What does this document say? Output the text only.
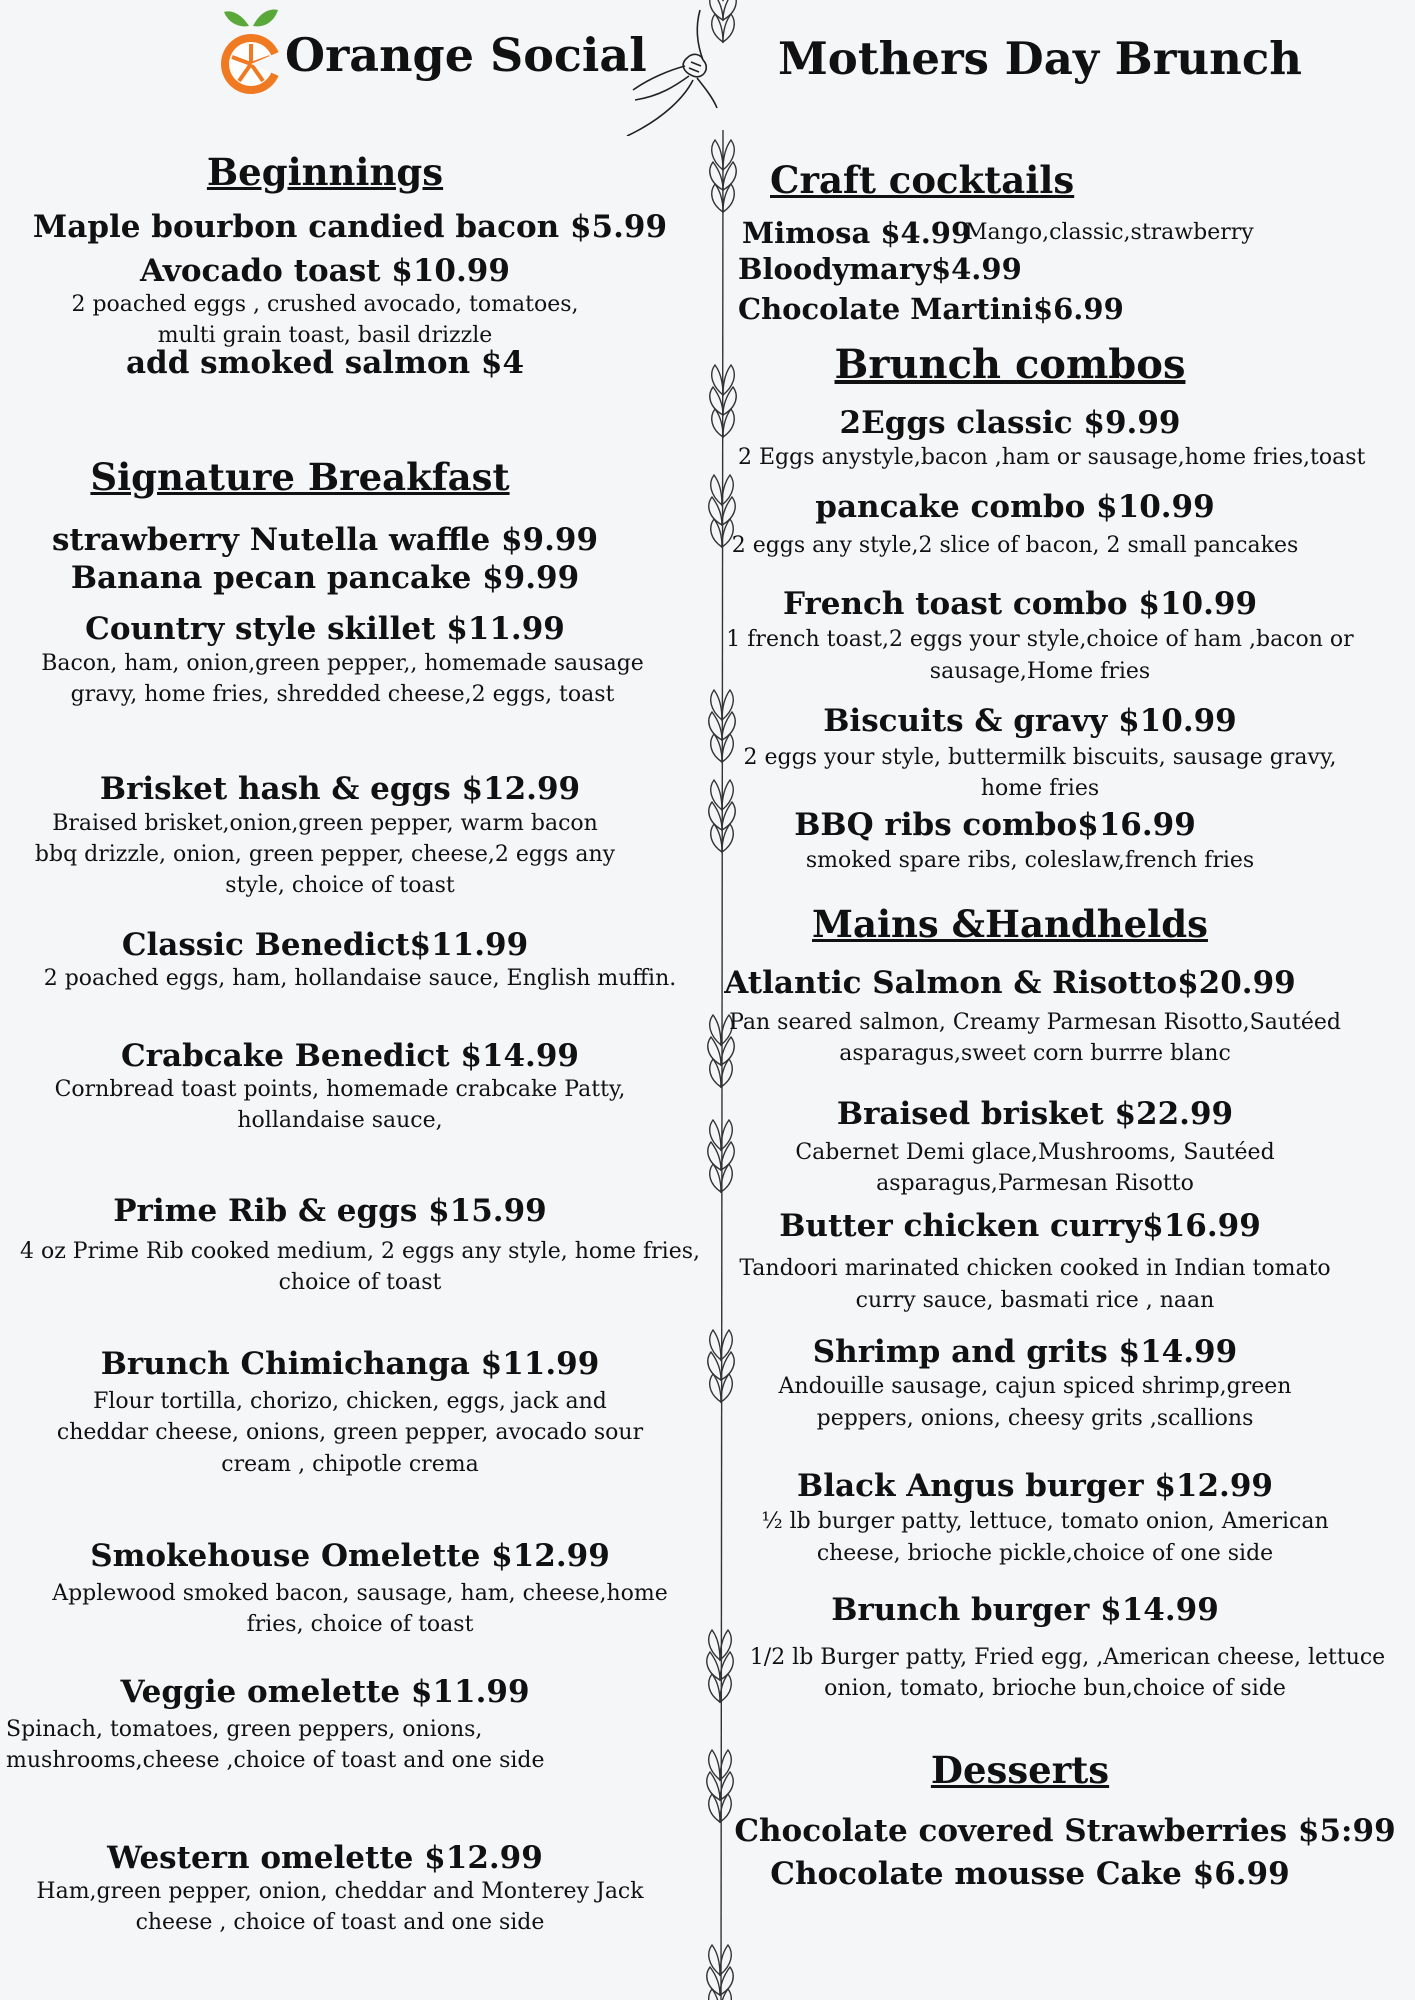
Orange Social	Mothers Day Brunch
Beginnings
Maple bourbon candied bacon $5.99
Avocado toast $10.99
2 poached eggs , crushed avocado, tomatoes,
multi grain toast, basil drizzle
add smoked salmon $4
Signature Breakfast
strawberry Nutella waffle $9.99
Banana pecan pancake $9.99
Country style skillet $11.99
Bacon, ham, onion,green pepper,, homemade sausage
gravy, home fries, shredded cheese,2 eggs, toast
Brisket hash & eggs $12.99
Braised brisket,onion,green pepper, warm bacon
bbq drizzle, onion, green pepper, cheese,2 eggs any
style, choice of toast
Classic Benedict$11.99
2 poached eggs, ham, hollandaise sauce, English muffin.
Crabcake Benedict $14.99
Cornbread toast points, homemade crabcake Patty,
hollandaise sauce,
Prime Rib & eggs $15.99
4 oz Prime Rib cooked medium, 2 eggs any style, home fries,
choice of toast
Brunch Chimichanga $11.99
Flour tortilla, chorizo, chicken, eggs, jack and
cheddar cheese, onions, green pepper, avocado sour
cream , chipotle crema
Smokehouse Omelette $12.99
Applewood smoked bacon, sausage, ham, cheese,home
fries, choice of toast
Veggie omelette $11.99
Spinach, tomatoes, green peppers, onions,
mushrooms,cheese ,choice of toast and one side
Western omelette $12.99
Ham,green pepper, onion, cheddar and Monterey Jack
cheese , choice of toast and one side
Craft cocktails
Mimosa $4.99
Mango,classic,strawberry
Bloodymary$4.99
Chocolate Martini$6.99
Brunch combos
2Eggs classic $9.99
2 Eggs anystyle,bacon ,ham or sausage,home fries,toast
pancake combo $10.99
2 eggs any style,2 slice of bacon, 2 small pancakes
French toast combo $10.99
1 french toast,2 eggs your style,choice of ham ,bacon or
sausage,Home fries
Biscuits & gravy $10.99
2 eggs your style, buttermilk biscuits, sausage gravy,
home fries
BBQ ribs combo$16.99
smoked spare ribs, coleslaw,french fries
Mains &Handhelds
Atlantic Salmon & Risotto$20.99
Pan seared salmon, Creamy Parmesan Risotto,Sautéed
asparagus,sweet corn burrre blanc
Braised brisket $22.99
Cabernet Demi glace,Mushrooms, Sautéed
asparagus,Parmesan Risotto
Butter chicken curry$16.99
Tandoori marinated chicken cooked in Indian tomato
curry sauce, basmati rice , naan
Shrimp and grits $14.99
Andouille sausage, cajun spiced shrimp,green
peppers, onions, cheesy grits ,scallions
Black Angus burger $12.99
½ lb burger patty, lettuce, tomato onion, American
cheese, brioche pickle,choice of one side
Brunch burger $14.99
1/2 lb Burger patty, Fried egg, ,American cheese, lettuce
onion, tomato, brioche bun,choice of side
Desserts
Chocolate covered Strawberries $5:99
Chocolate mousse Cake $6.99
